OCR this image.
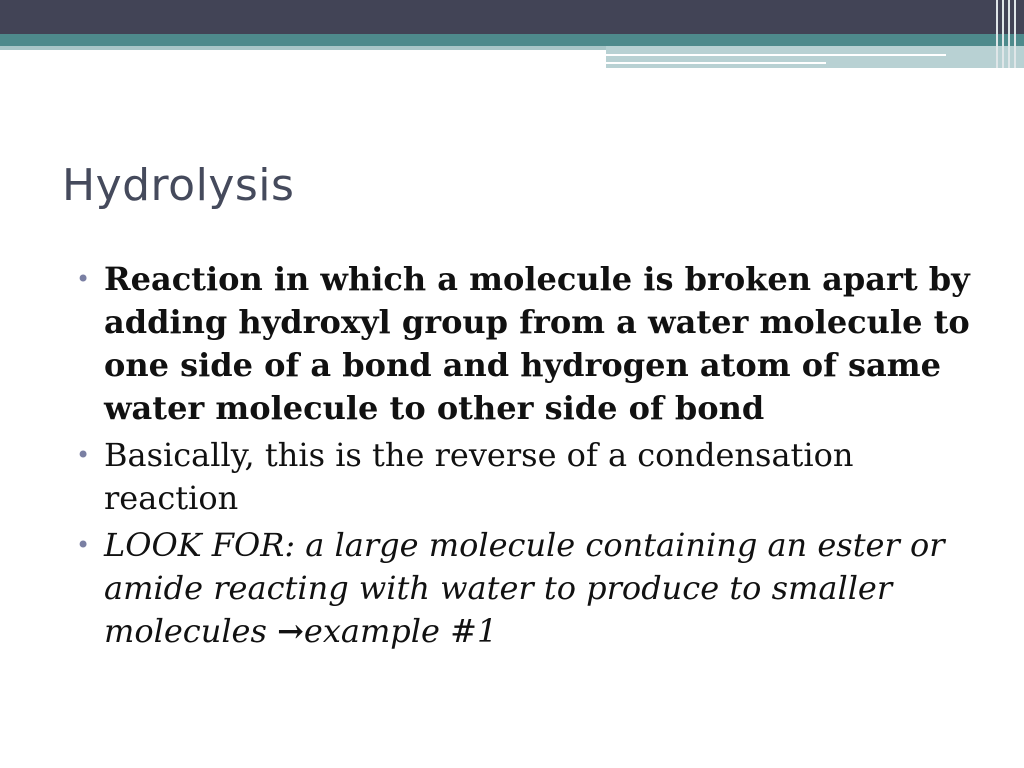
Hydrolysis
• Reaction in which a molecule is broken apart by adding hydroxyl group from a water molecule to one side of a bond and hydrogen atom of same water molecule to other side of bond
• Basically, this is the reverse of a condensation reaction
• LOOK FOR: a large molecule containing an ester or amide reacting with water to produce to smaller molecules →example #1
